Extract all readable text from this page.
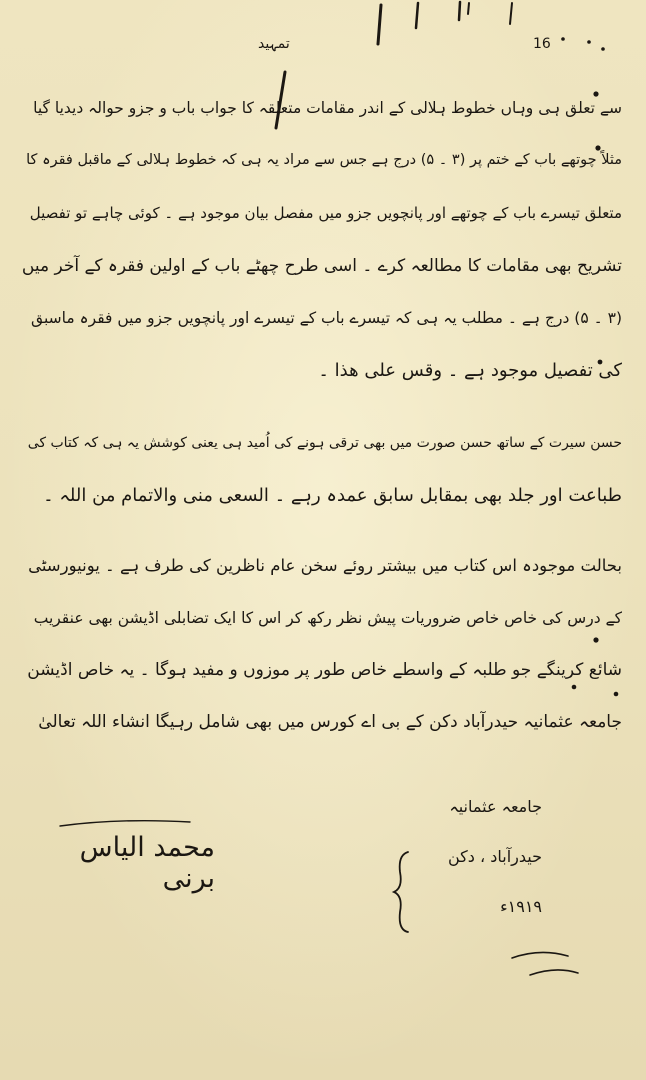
تمہید	16
سے تعلق ہی وہاں خطوط ہلالی کے اندر مقامات متعلقہ کا جواب باب و جزو حوالہ دیدیا گیا
مثلاً چوتھے باب کے ختم پر (۳ ۔ ۵) درج ہے جس سے مراد یہ ہی کہ خطوط ہلالی کے ماقبل فقرہ کا
متعلق تیسرے باب کے چوتھے اور پانچویں جزو میں مفصل بیان موجود ہے ۔ کوئی چاہے تو تفصیل
تشریح بھی مقامات کا مطالعہ کرے ۔ اسی طرح چھٹے باب کے اولین فقرہ کے آخر میں
(۳ ۔ ۵) درج ہے ۔ مطلب یہ ہی کہ تیسرے باب کے تیسرے اور پانچویں جزو میں فقرہ ماسبق
کی تفصیل موجود ہے ۔ وقس علی ھذا ۔
حسن سیرت کے ساتھ حسن صورت میں بھی ترقی ہونے کی اُمید ہی یعنی کوشش یہ ہی کہ کتاب کی
طباعت اور جلد بھی بمقابل سابق عمدہ رہے ۔ السعی منی والاتمام من اللہ ۔
بحالت موجودہ اس کتاب میں بیشتر روئے سخن عام ناظرین کی طرف ہے ۔ یونیورسٹی
کے درس کی خاص خاص ضروریات پیش نظر رکھ کر اس کا ایک تضابلی اڈیشن بھی عنقریب
شائع کرینگے جو طلبہ کے واسطے خاص طور پر موزوں و مفید ہوگا ۔ یہ خاص اڈیشن
جامعہ عثمانیہ حیدرآباد دکن کے بی اے کورس میں بھی شامل رہیگا انشاء اللہ تعالیٰ
جامعہ عثمانیہ
حیدرآباد ، دکن
۱۹۱۹ء
محمد الیاس برنی
